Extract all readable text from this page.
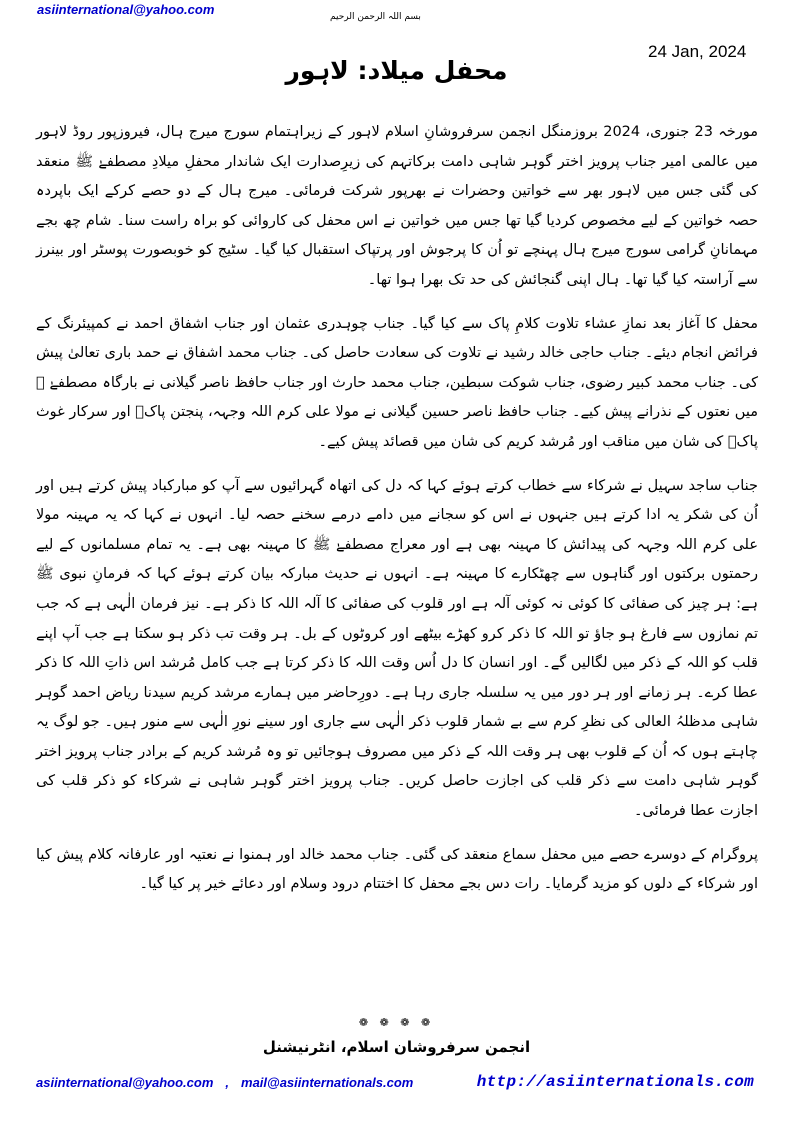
asiinternational@yahoo.com	بسم اللہ الرحمن الرحیم
24 Jan, 2024
محفل میلاد: لاہور

مورخہ 23 جنوری، 2024 بروزمنگل انجمن سرفروشانِ اسلام لاہور کے زیراہتمام سورج میرج ہال، فیروزپور روڈ لاہور میں عالمی امیر جناب پرویز اختر گوہر شاہی دامت برکاتہم کی زیرِصدارت ایک شاندار محفلِ میلادِ مصطفےٰ ﷺ منعقد کی گئی جس میں لاہور بھر سے خواتین وحضرات نے بھرپور شرکت فرمائی۔ میرج ہال کے دو حصے کرکے ایک باپردہ حصہ خواتین کے لیے مخصوص کردیا گیا تھا جس میں خواتین نے اس محفل کی کاروائی کو براہ راست سنا۔ شام چھ بجے مہمانانِ گرامی سورج میرج ہال پہنچے تو اُن کا پرجوش اور پرتپاک استقبال کیا گیا۔ سٹیج کو خوبصورت پوسٹر اور بینرز سے آراستہ کیا گیا تھا۔ ہال اپنی گنجائش کی حد تک بھرا ہوا تھا۔

محفل کا آغاز بعد نمازِ عشاء تلاوت کلامِ پاک سے کیا گیا۔ جناب چوہدری عثمان اور جناب اشفاق احمد نے کمپیئرنگ کے فرائض انجام دیئے۔ جناب حاجی خالد رشید نے تلاوت کی سعادت حاصل کی۔ جناب محمد اشفاق نے حمد باری تعالیٰ پیش کی۔ جناب محمد کبیر رضوی، جناب شوکت سبطین، جناب محمد حارث اور جناب حافظ ناصر گیلانی نے بارگاہ مصطفےٰ ﷺ میں نعتوں کے نذرانے پیش کیے۔ جناب حافظ ناصر حسین گیلانی نے مولا علی کرم اللہ وجہہ، پنجتن پاکؑ اور سرکار غوث پاکؓ کی شان میں مناقب اور مُرشد کریم کی شان میں قصائد پیش کیے۔

جناب ساجد سہیل نے شرکاء سے خطاب کرتے ہوئے کہا کہ دل کی اتھاہ گہرائیوں سے آپ کو مبارکباد پیش کرتے ہیں اور اُن کی شکر یہ ادا کرتے ہیں جنہوں نے اس کو سجانے میں دامے درمے سخنے حصہ لیا۔ انہوں نے کہا کہ یہ مہینہ مولا علی کرم اللہ وجہہ کی پیدائش کا مہینہ بھی ہے اور معراج مصطفےٰ ﷺ کا مہینہ بھی ہے۔ یہ تمام مسلمانوں کے لیے رحمتوں برکتوں اور گناہوں سے چھٹکارے کا مہینہ ہے۔ انہوں نے حدیث مبارکہ بیان کرتے ہوئے کہا کہ فرمانِ نبوی ﷺ ہے: ہر چیز کی صفائی کا کوئی نہ کوئی آلہ ہے اور قلوب کی صفائی کا آلہ اللہ کا ذکر ہے۔ نیز فرمان الٰہی ہے کہ جب تم نمازوں سے فارغ ہو جاؤ تو اللہ کا ذکر کرو کھڑے بیٹھے اور کروٹوں کے بل۔ ہر وقت تب ذکر ہو سکتا ہے جب آپ اپنے قلب کو اللہ کے ذکر میں لگالیں گے۔ اور انسان کا دل اُس وقت اللہ کا ذکر کرتا ہے جب کامل مُرشد اس ذاتِ اللہ کا ذکر عطا کرے۔ ہر زمانے اور ہر دور میں یہ سلسلہ جاری رہا ہے۔ دورِحاضر میں ہمارے مرشد کریم سیدنا ریاض احمد گوہر شاہی مدظلہُ العالی کی نظرِ کرم سے بے شمار قلوب ذکر الٰہی سے جاری اور سینے نورِ الٰہی سے منور ہیں۔ جو لوگ یہ چاہتے ہوں کہ اُن کے قلوب بھی ہر وقت اللہ کے ذکر میں مصروف ہوجائیں تو وہ مُرشد کریم کے برادر جناب پرویز اختر گوہر شاہی دامت سے ذکر قلب کی اجازت حاصل کریں۔ جناب پرویز اختر گوہر شاہی نے شرکاء کو ذکر قلب کی اجازت عطا فرمائی۔

پروگرام کے دوسرے حصے میں محفل سماع منعقد کی گئی۔ جناب محمد خالد اور ہمنوا نے نعتیہ اور عارفانہ کلام پیش کیا اور شرکاء کے دلوں کو مزید گرمایا۔ رات دس بجے محفل کا اختتام درود وسلام اور دعائے خیر پر کیا گیا۔

❁ ❁ ❁ ❁
انجمن سرفروشان اسلام، انٹرنیشنل
asiinternational@yahoo.com , mail@asiinternationals.com	http://asiinternationals.com
